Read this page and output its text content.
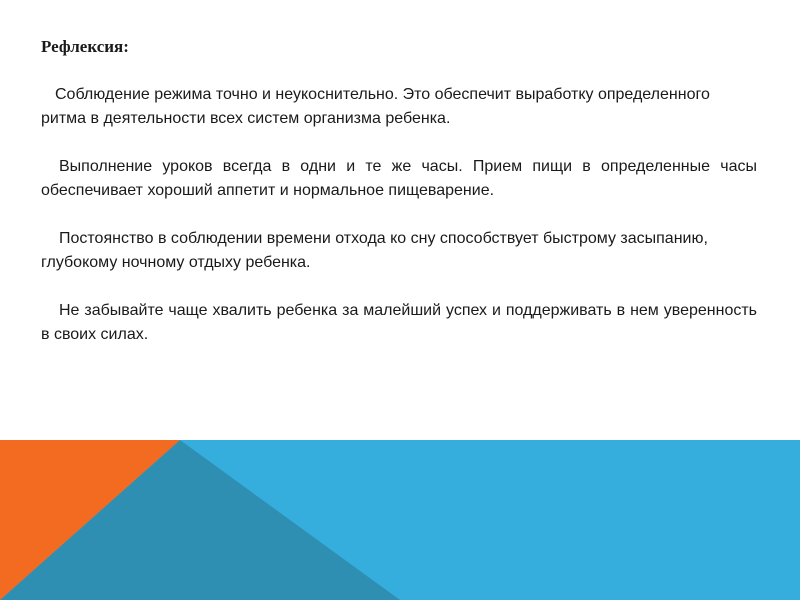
Рефлексия:

Соблюдение режима точно и неукоснительно. Это обеспечит выработку определенного ритма в деятельности всех систем организма ребенка.

Выполнение уроков всегда в одни и те же часы. Прием пищи в определенные часы обеспечивает хороший аппетит и нормальное пищеварение.

Постоянство в соблюдении времени отхода ко сну способствует быстрому засыпанию, глубокому ночному отдыху ребенка.

Не забывайте чаще хвалить ребенка за малейший успех и поддерживать в нем уверенность в своих силах.
